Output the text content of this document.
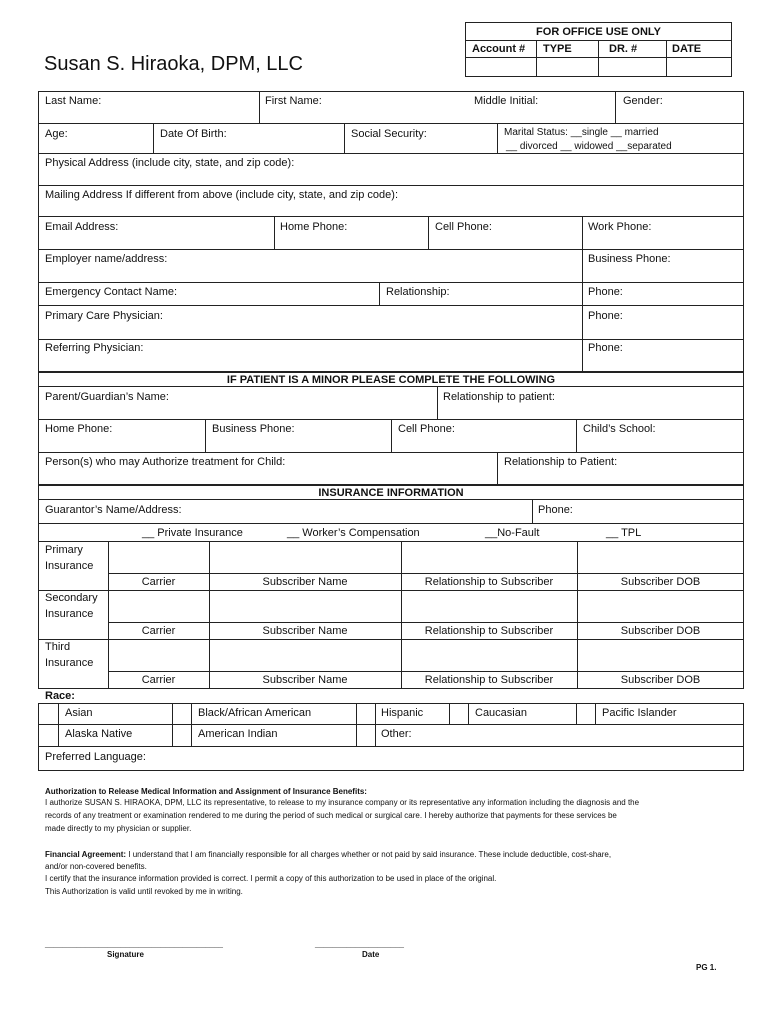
Susan S. Hiraoka, DPM, LLC
FOR OFFICE USE ONLY
Account # TYPE	DR. #	DATE
Last Name:	First Name:	Middle Initial:	Gender:
Age:	Date Of Birth:	Social Security:	Marital Status: __single __ married
__ divorced __ widowed __separated
Physical Address (include city, state, and zip code):
Mailing Address If different from above (include city, state, and zip code):
Email Address:	Home Phone:	Cell Phone:	Work Phone:
Employer name/address:	Business Phone:
Emergency Contact Name:	Relationship:	Phone:
Primary Care Physician:	Phone:
Referring Physician:	Phone:
IF PATIENT IS A MINOR PLEASE COMPLETE THE FOLLOWING
Parent/Guardian’s Name:	Relationship to patient:
Home Phone:	Business Phone:	Cell Phone:	Child’s School:
Person(s) who may Authorize treatment for Child:	Relationship to Patient:
INSURANCE INFORMATION
Guarantor’s Name/Address:	Phone:
__ Private Insurance	__ Worker’s Compensation	__No-Fault	__ TPL
Primary
Insurance
Carrier	Subscriber Name	Relationship to Subscriber	Subscriber DOB
Secondary
Insurance
Carrier	Subscriber Name	Relationship to Subscriber	Subscriber DOB
Third
Insurance
Carrier	Subscriber Name	Relationship to Subscriber	Subscriber DOB
Race:
Asian	Black/African American	Hispanic	Caucasian	Pacific Islander
Alaska Native	American Indian	Other:
Preferred Language:
Authorization to Release Medical Information and Assignment of Insurance Benefits:
I authorize SUSAN S. HIRAOKA, DPM, LLC its representative, to release to my insurance company or its representative any information including the diagnosis and the
records of any treatment or examination rendered to me during the period of such medical or surgical care. I hereby authorize that payments for these services be
made directly to my physician or supplier.
Financial Agreement: I understand that I am financially responsible for all charges whether or not paid by said insurance. These include deductible, cost-share,
and/or non-covered benefits.
I certify that the insurance information provided is correct. I permit a copy of this authorization to be used in place of the original.
This Authorization is valid until revoked by me in writing.
________________________________________	____________________
Signature	Date
PG 1.
